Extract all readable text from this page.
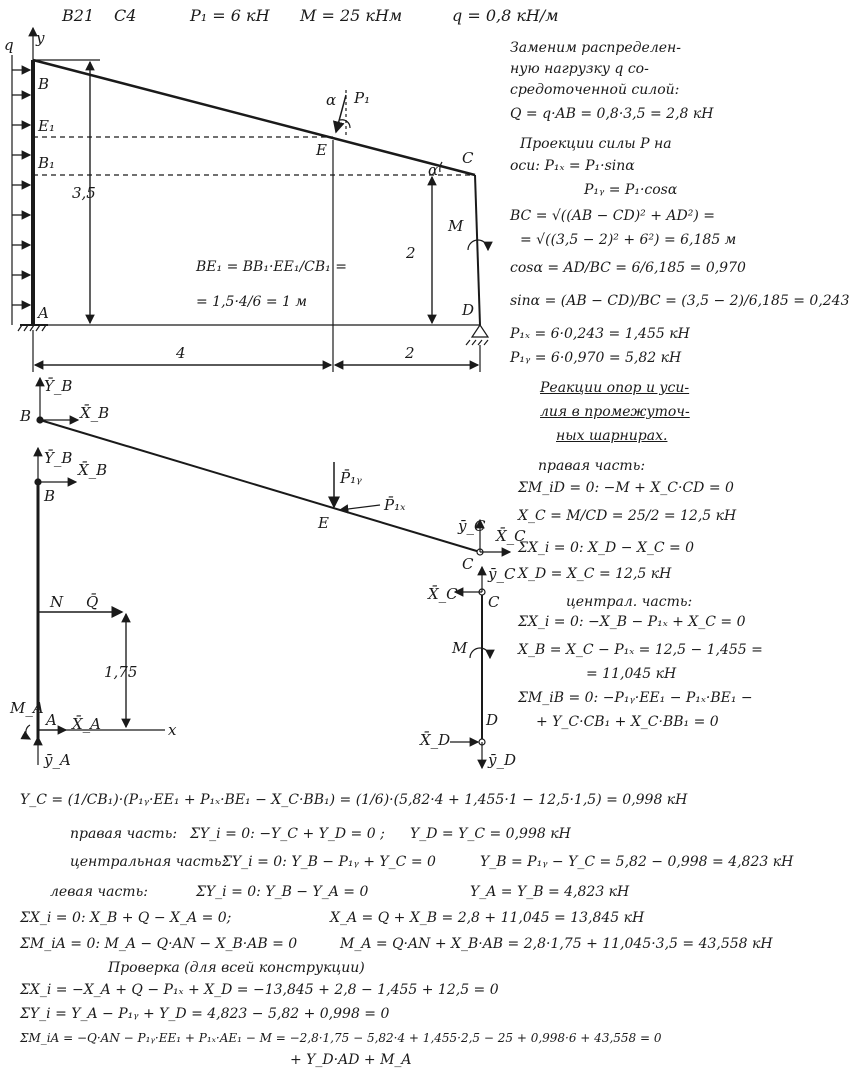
В21 С4	P₁ = 6 кН M = 25 кНм	q = 0,8 кН/м
q y
B
E₁
B₁
A
E	C
D
α P₁
α
M
3,5
2
4	2
BE₁ = BB₁·EE₁/CB₁ =
= 1,5·4/6 = 1 м
Ȳ_B
B	X̄_B
P̄₁ᵧ
P̄₁ₓ
E	ȳ_C
X̄_C
C
Ȳ_B
X̄_B
B
N Q̄
1,75
M_A
A X̄_A	x
ȳ_A
X̄_C
ȳ_C
C
M
D
X̄_D
ȳ_D
Заменим распределен-
ную нагрузку q со-
средоточенной силой:
Q = q·AB = 0,8·3,5 = 2,8 кН
Проекции силы P на
оси: P₁ₓ = P₁·sinα
P₁ᵧ = P₁·cosα
BC = √((AB − CD)² + AD²) =
= √((3,5 − 2)² + 6²) = 6,185 м
cosα = AD/BC = 6/6,185 = 0,970
sinα = (AB − CD)/BC = (3,5 − 2)/6,185 = 0,243
P₁ₓ = 6·0,243 = 1,455 кН
P₁ᵧ = 6·0,970 = 5,82 кН
Реакции опор и уси-
лия в промежуточ-
ных шарнирах.
правая часть:
ΣM_iD = 0: −M + X_C·CD = 0
X_C = M/CD = 25/2 = 12,5 кН
ΣX_i = 0: X_D − X_C = 0
X_D = X_C = 12,5 кН
централ. часть:
ΣX_i = 0: −X_B − P₁ₓ + X_C = 0
X_B = X_C − P₁ₓ = 12,5 − 1,455 =
= 11,045 кН
ΣM_iB = 0: −P₁ᵧ·EE₁ − P₁ₓ·BE₁ −
+ Y_C·CB₁ + X_C·BB₁ = 0
Y_C = (1/CB₁)·(P₁ᵧ·EE₁ + P₁ₓ·BE₁ − X_C·BB₁) = (1/6)·(5,82·4 + 1,455·1 − 12,5·1,5) = 0,998 кН
правая часть: ΣY_i = 0: −Y_C + Y_D = 0 ; Y_D = Y_C = 0,998 кН
центральная часть:
ΣY_i = 0: Y_B − P₁ᵧ + Y_C = 0	Y_B = P₁ᵧ − Y_C = 5,82 − 0,998 = 4,823 кН
левая часть:	ΣY_i = 0: Y_B − Y_A = 0	Y_A = Y_B = 4,823 кН
ΣX_i = 0: X_B + Q − X_A = 0;	X_A = Q + X_B = 2,8 + 11,045 = 13,845 кН
ΣM_iA = 0: M_A − Q·AN − X_B·AB = 0	M_A = Q·AN + X_B·AB = 2,8·1,75 + 11,045·3,5 = 43,558 кН
Проверка (для всей конструкции)
ΣX_i = −X_A + Q − P₁ₓ + X_D = −13,845 + 2,8 − 1,455 + 12,5 = 0
ΣY_i = Y_A − P₁ᵧ + Y_D = 4,823 − 5,82 + 0,998 = 0
ΣM_iA = −Q·AN − P₁ᵧ·EE₁ + P₁ₓ·AE₁ − M = −2,8·1,75 − 5,82·4 + 1,455·2,5 − 25 + 0,998·6 + 43,558 = 0
+ Y_D·AD + M_A
